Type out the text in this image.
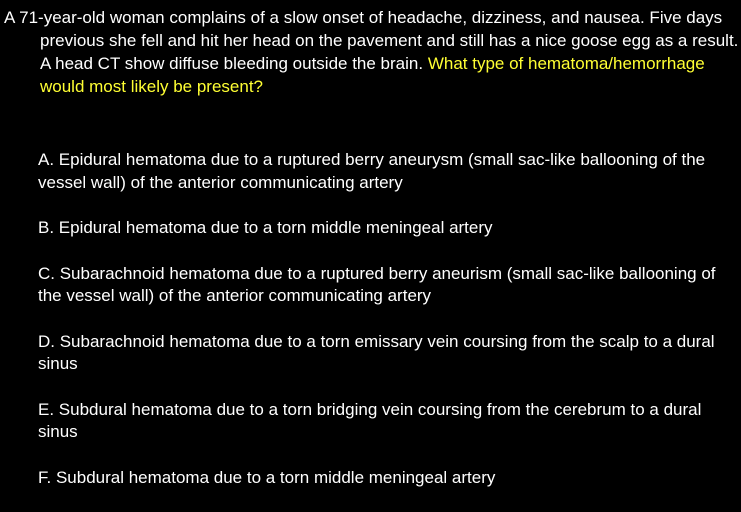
A 71-year-old woman complains of a slow onset of headache, dizziness, and nausea. Five days previous she fell and hit her head on the pavement and still has a nice goose egg as a result. A head CT show diffuse bleeding outside the brain. What type of hematoma/hemorrhage would most likely be present?
A. Epidural hematoma due to a ruptured berry aneurysm (small sac-like ballooning of the vessel wall) of the anterior communicating artery
B. Epidural hematoma due to a torn middle meningeal artery
C. Subarachnoid hematoma due to a ruptured berry aneurism (small sac-like ballooning of the vessel wall) of the anterior communicating artery
D. Subarachnoid hematoma due to a torn emissary vein coursing from the scalp to a dural sinus
E. Subdural hematoma due to a torn bridging vein coursing from the cerebrum to a dural sinus
F. Subdural hematoma due to a torn middle meningeal artery
